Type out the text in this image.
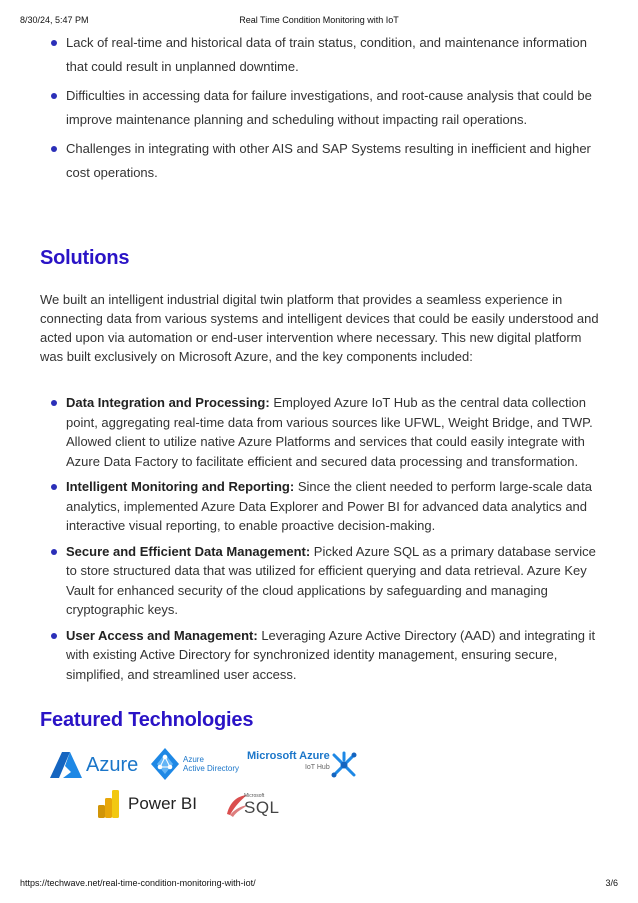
8/30/24, 5:47 PM	Real Time Condition Monitoring with IoT
Lack of real-time and historical data of train status, condition, and maintenance information that could result in unplanned downtime.
Difficulties in accessing data for failure investigations, and root-cause analysis that could be improve maintenance planning and scheduling without impacting rail operations.
Challenges in integrating with other AIS and SAP Systems resulting in inefficient and higher cost operations.
Solutions

We built an intelligent industrial digital twin platform that provides a seamless experience in connecting data from various systems and intelligent devices that could be easily understood and acted upon via automation or end-user intervention where necessary. This new digital platform was built exclusively on Microsoft Azure, and the key components included:

Data Integration and Processing: Employed Azure IoT Hub as the central data collection point, aggregating real-time data from various sources like UFWL, Weight Bridge, and TWP. Allowed client to utilize native Azure Platforms and services that could easily integrate with Azure Data Factory to facilitate efficient and secured data processing and transformation.
Intelligent Monitoring and Reporting: Since the client needed to perform large-scale data analytics, implemented Azure Data Explorer and Power BI for advanced data analytics and interactive visual reporting, to enable proactive decision-making.
Secure and Efficient Data Management: Picked Azure SQL as a primary database service to store structured data that was utilized for efficient querying and data retrieval. Azure Key Vault for enhanced security of the cloud applications by safeguarding and managing cryptographic keys.
User Access and Management: Leveraging Azure Active Directory (AAD) and integrating it with existing Active Directory for synchronized identity management, ensuring secure, simplified, and streamlined user access.
Featured Technologies
Azure	Azure
Active Directory
Microsoft Azure
IoT Hub
Power BI	Microsoft
SQL
https://techwave.net/real-time-condition-monitoring-with-iot/	3/6
